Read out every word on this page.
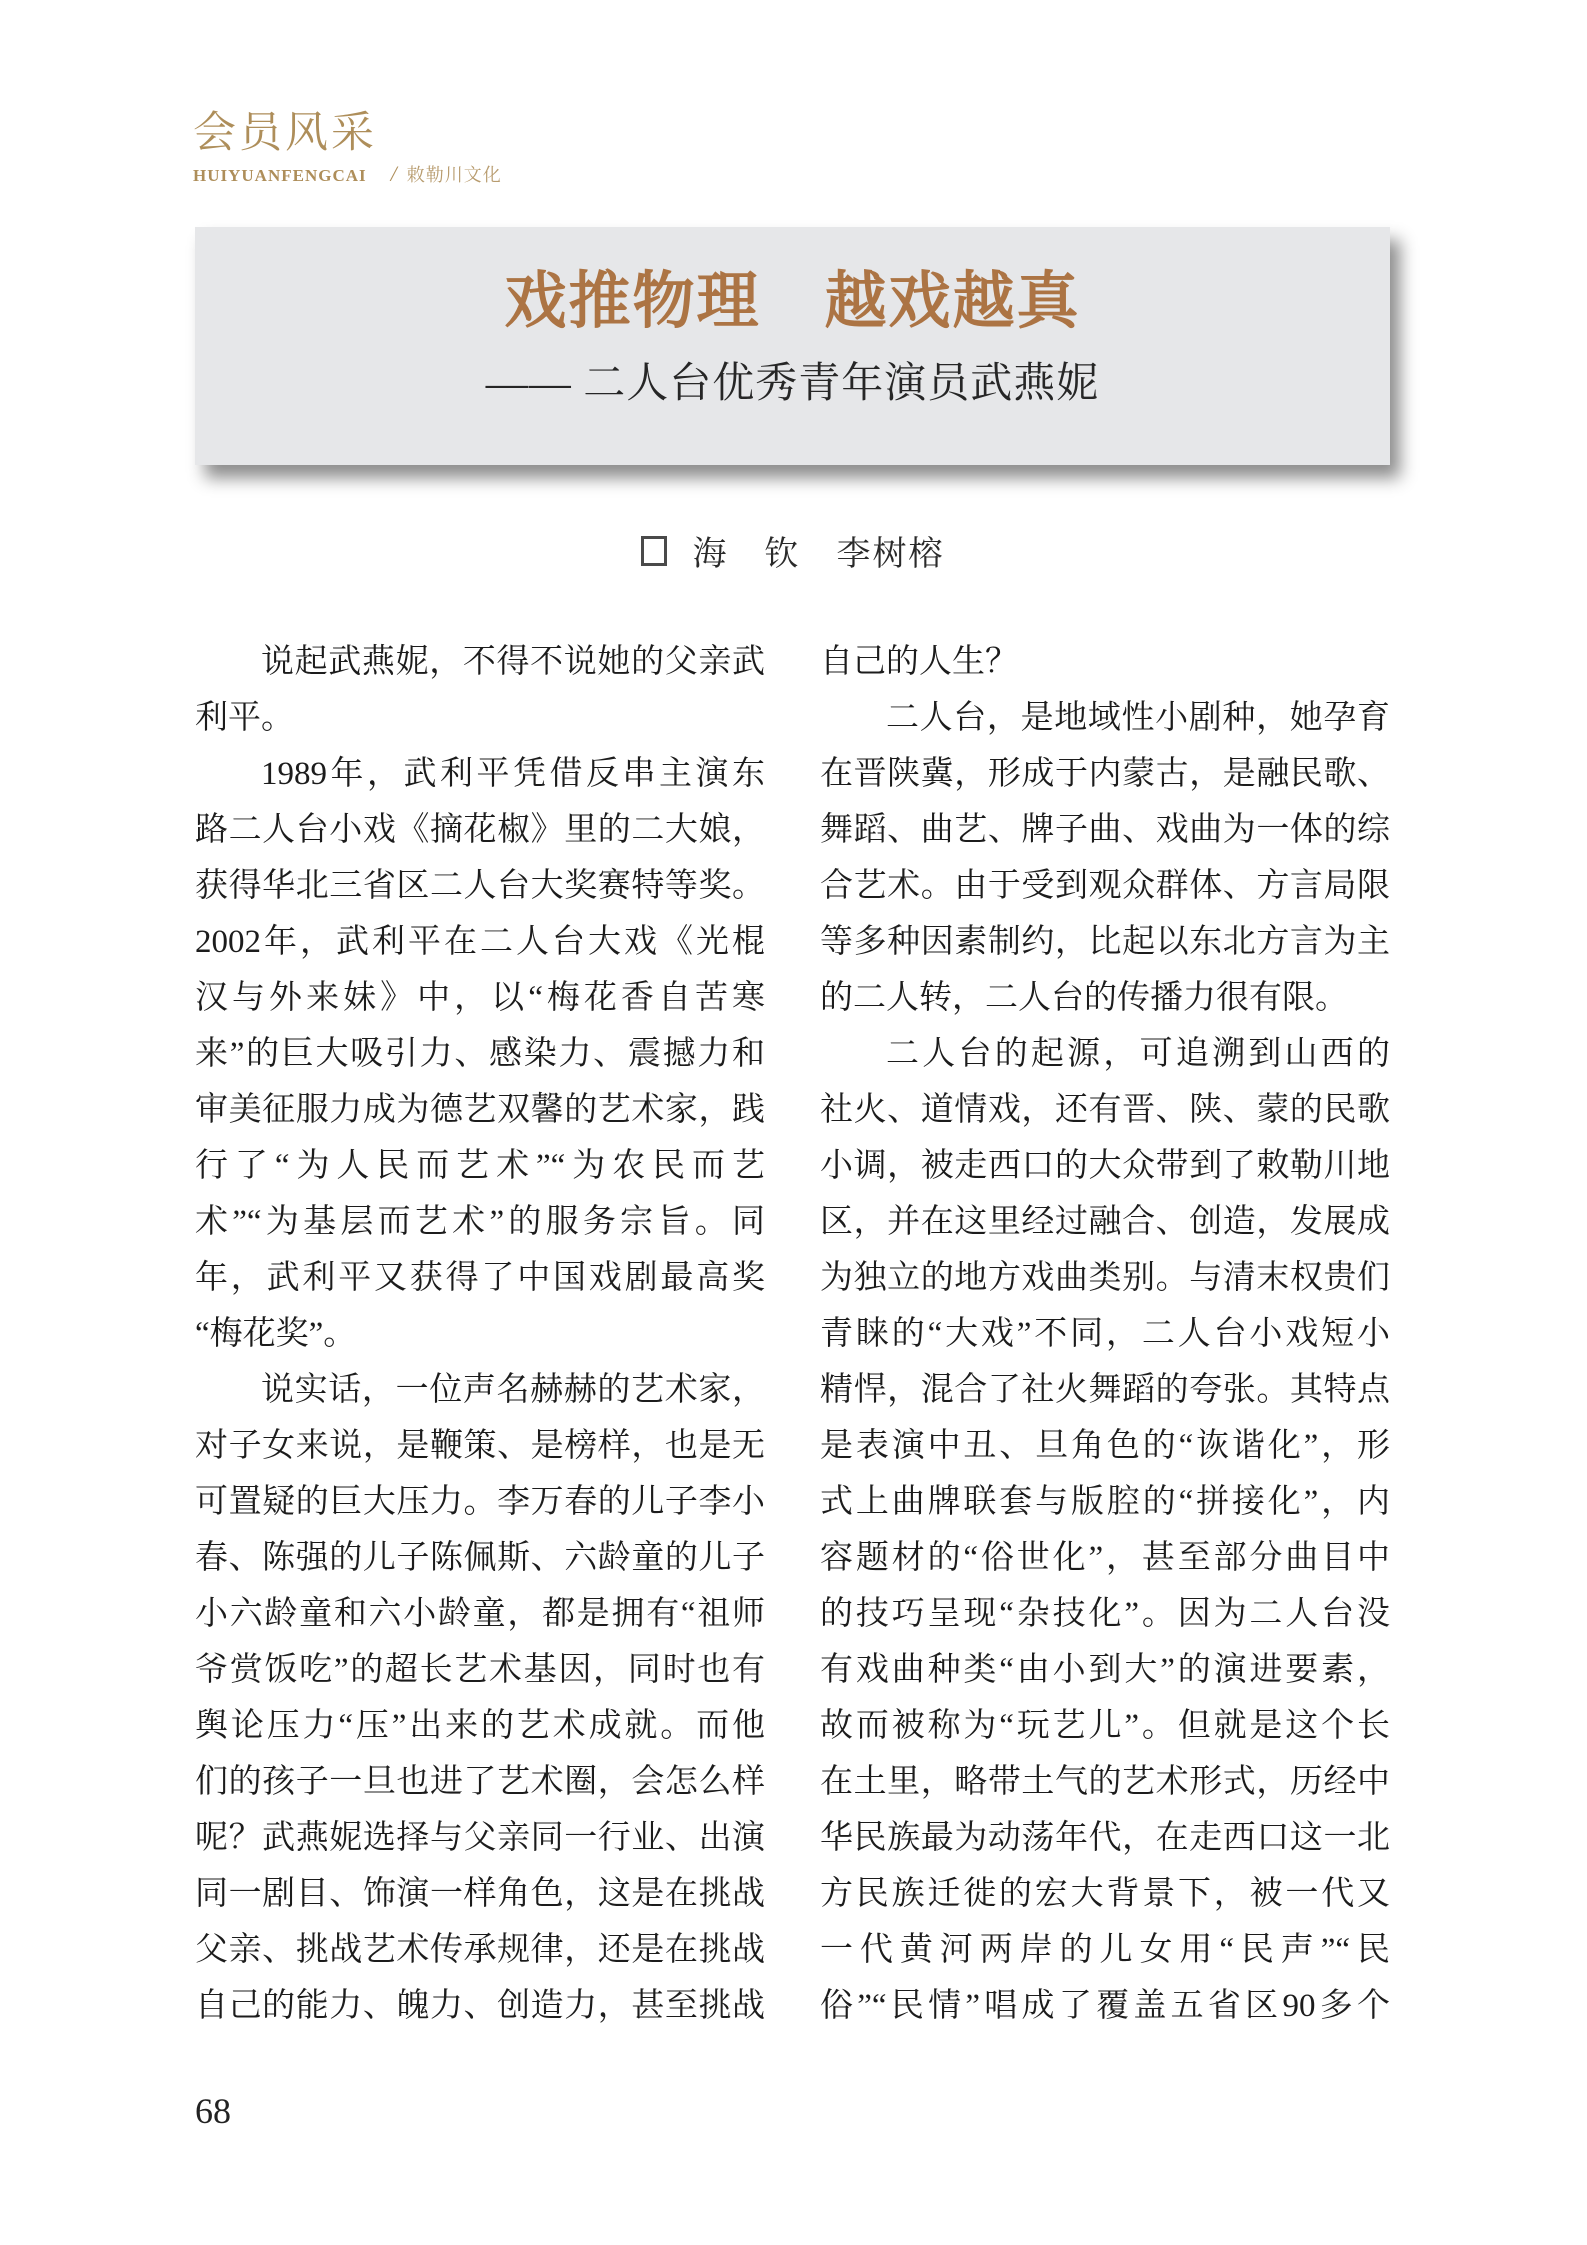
会员风采
HUIYUANFENGCAI / 敕勒川文化
戏推物理　越戏越真
—— 二人台优秀青年演员武燕妮
海　钦　李树榕
说起武燕妮，不得不说她的父亲武
利平。
1989年，武利平凭借反串主演东
路二人台小戏《摘花椒》里的二大娘，
获得华北三省区二人台大奖赛特等奖。
2002年，武利平在二人台大戏《光棍
汉与外来妹》中，以“梅花香自苦寒
来”的巨大吸引力、感染力、震撼力和
审美征服力成为德艺双馨的艺术家，践
行了“为人民而艺术”“为农民而艺
术”“为基层而艺术”的服务宗旨。同
年，武利平又获得了中国戏剧最高奖
“梅花奖”。
说实话，一位声名赫赫的艺术家，
对子女来说，是鞭策、是榜样，也是无
可置疑的巨大压力。李万春的儿子李小
春、陈强的儿子陈佩斯、六龄童的儿子
小六龄童和六小龄童，都是拥有“祖师
爷赏饭吃”的超长艺术基因，同时也有
舆论压力“压”出来的艺术成就。而他
们的孩子一旦也进了艺术圈，会怎么样
呢？武燕妮选择与父亲同一行业、出演
同一剧目、饰演一样角色，这是在挑战
父亲、挑战艺术传承规律，还是在挑战
自己的能力、魄力、创造力，甚至挑战
自己的人生？
二人台，是地域性小剧种，她孕育
在晋陕冀，形成于内蒙古，是融民歌、
舞蹈、曲艺、牌子曲、戏曲为一体的综
合艺术。由于受到观众群体、方言局限
等多种因素制约，比起以东北方言为主
的二人转，二人台的传播力很有限。
二人台的起源，可追溯到山西的
社火、道情戏，还有晋、陕、蒙的民歌
小调，被走西口的大众带到了敕勒川地
区，并在这里经过融合、创造，发展成
为独立的地方戏曲类别。与清末权贵们
青睐的“大戏”不同，二人台小戏短小
精悍，混合了社火舞蹈的夸张。其特点
是表演中丑、旦角色的“诙谐化”，形
式上曲牌联套与版腔的“拼接化”，内
容题材的“俗世化”，甚至部分曲目中
的技巧呈现“杂技化”。因为二人台没
有戏曲种类“由小到大”的演进要素，
故而被称为“玩艺儿”。但就是这个长
在土里，略带土气的艺术形式，历经中
华民族最为动荡年代，在走西口这一北
方民族迁徙的宏大背景下，被一代又
一代黄河两岸的儿女用“民声”“民
俗”“民情”唱成了覆盖五省区90多个
68
